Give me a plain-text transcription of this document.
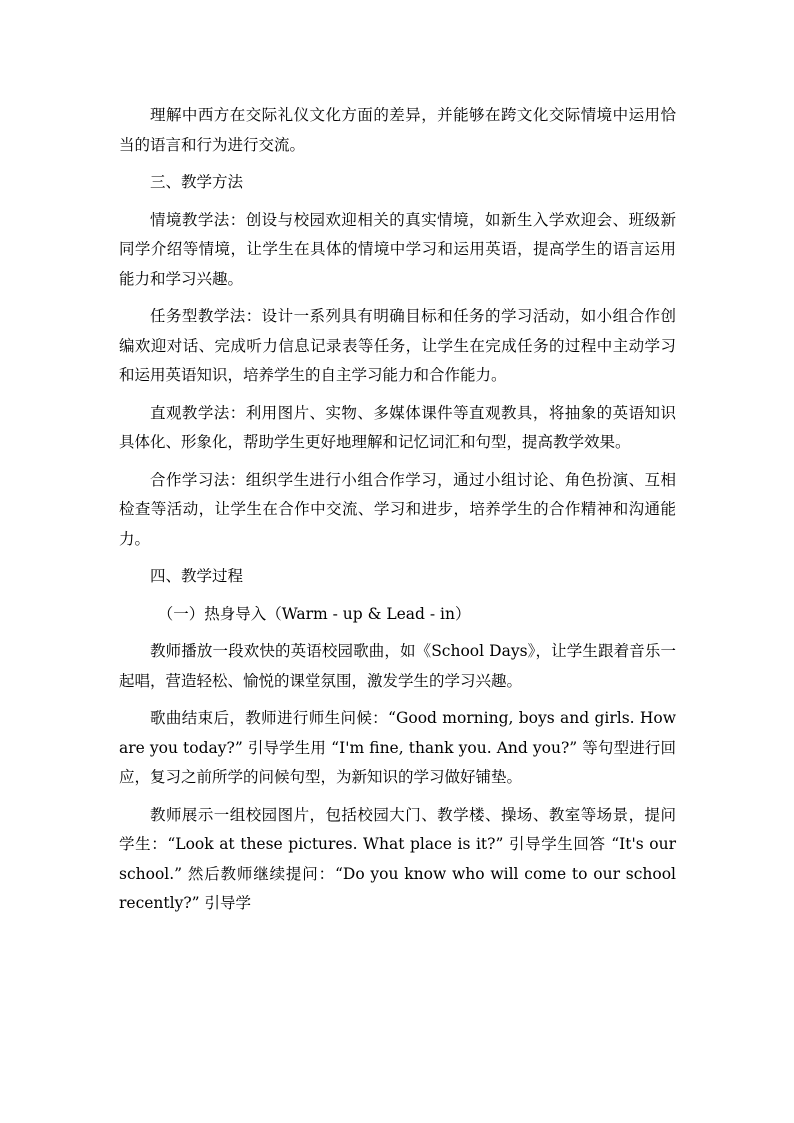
理解中西方在交际礼仪文化方面的差异，并能够在跨文化交际情境中运用恰当的语言和行为进行交流。

三、教学方法

情境教学法：创设与校园欢迎相关的真实情境，如新生入学欢迎会、班级新同学介绍等情境，让学生在具体的情境中学习和运用英语，提高学生的语言运用能力和学习兴趣。

任务型教学法：设计一系列具有明确目标和任务的学习活动，如小组合作创编欢迎对话、完成听力信息记录表等任务，让学生在完成任务的过程中主动学习和运用英语知识，培养学生的自主学习能力和合作能力。

直观教学法：利用图片、实物、多媒体课件等直观教具，将抽象的英语知识具体化、形象化，帮助学生更好地理解和记忆词汇和句型，提高教学效果。

合作学习法：组织学生进行小组合作学习，通过小组讨论、角色扮演、互相检查等活动，让学生在合作中交流、学习和进步，培养学生的合作精神和沟通能力。

四、教学过程

（一）热身导入（Warm - up & Lead - in）

教师播放一段欢快的英语校园歌曲，如《School Days》，让学生跟着音乐一起唱，营造轻松、愉悦的课堂氛围，激发学生的学习兴趣。

歌曲结束后，教师进行师生问候：“Good morning, boys and girls. How are you today?” 引导学生用 “I'm fine, thank you. And you?” 等句型进行回应，复习之前所学的问候句型，为新知识的学习做好铺垫。

教师展示一组校园图片，包括校园大门、教学楼、操场、教室等场景，提问学生：“Look at these pictures. What place is it?” 引导学生回答 “It's our school.” 然后教师继续提问：“Do you know who will come to our school recently?” 引导学
